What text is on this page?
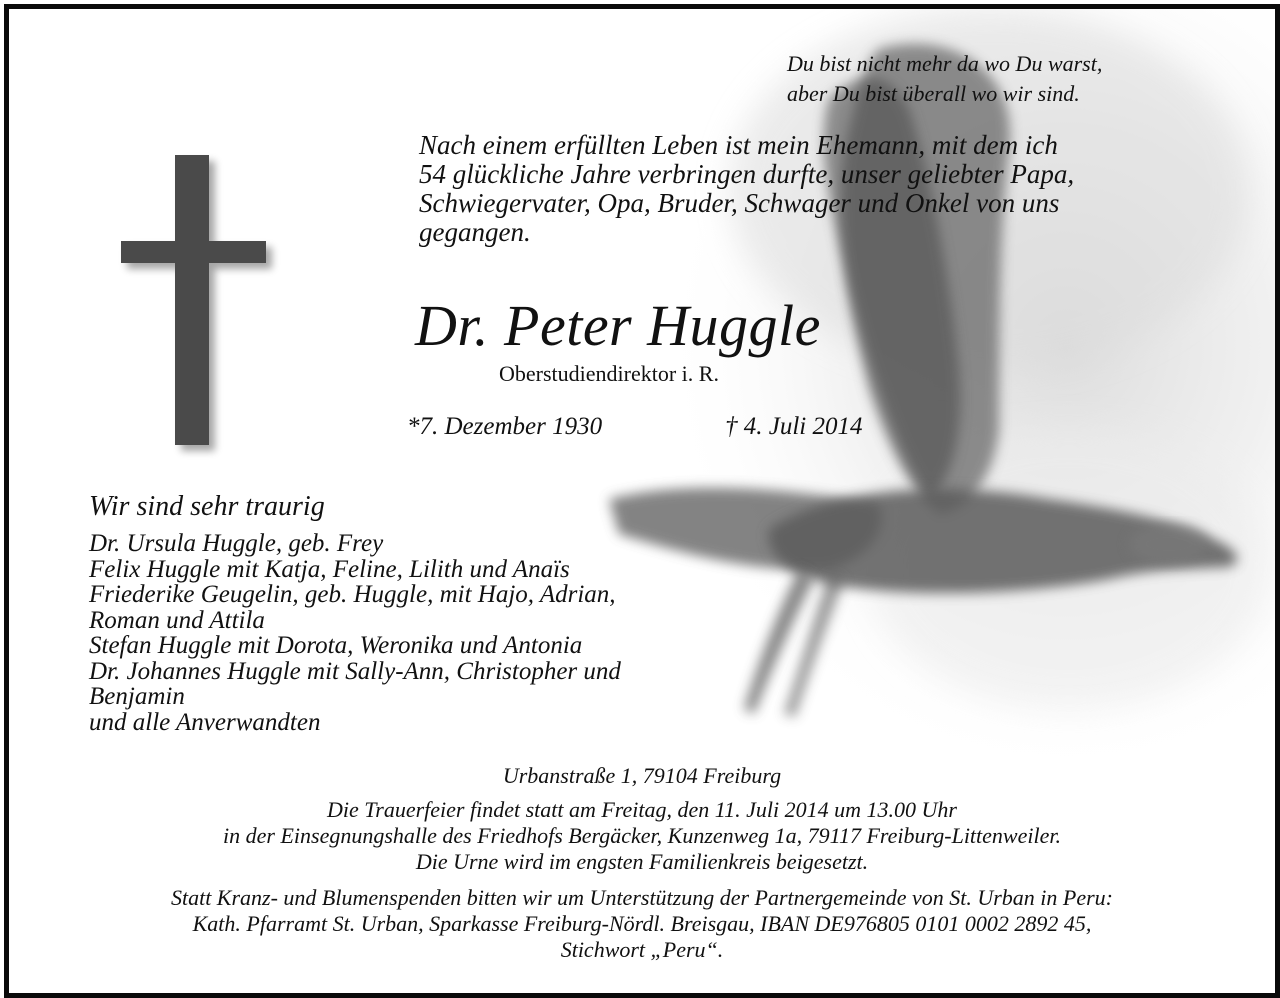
Du bist nicht mehr da wo Du warst,
aber Du bist überall wo wir sind.
Nach einem erfüllten Leben ist mein Ehemann, mit dem ich
54 glückliche Jahre verbringen durfte, unser geliebter Papa,
Schwiegervater, Opa, Bruder, Schwager und Onkel von uns
gegangen.
Dr. Peter Huggle
Oberstudiendirektor i. R.
*7. Dezember 1930	† 4. Juli 2014
Wir sind sehr traurig
Dr. Ursula Huggle, geb. Frey
Felix Huggle mit Katja, Feline, Lilith und Anaïs
Friederike Geugelin, geb. Huggle, mit Hajo, Adrian,
Roman und Attila
Stefan Huggle mit Dorota, Weronika und Antonia
Dr. Johannes Huggle mit Sally-Ann, Christopher und
Benjamin
und alle Anverwandten
Urbanstraße 1, 79104 Freiburg
Die Trauerfeier findet statt am Freitag, den 11. Juli 2014 um 13.00 Uhr
in der Einsegnungshalle des Friedhofs Bergäcker, Kunzenweg 1a, 79117 Freiburg-Littenweiler.
Die Urne wird im engsten Familienkreis beigesetzt.
Statt Kranz- und Blumenspenden bitten wir um Unterstützung der Partnergemeinde von St. Urban in Peru:
Kath. Pfarramt St. Urban, Sparkasse Freiburg-Nördl. Breisgau, IBAN DE976805 0101 0002 2892 45,
Stichwort „Peru“.
